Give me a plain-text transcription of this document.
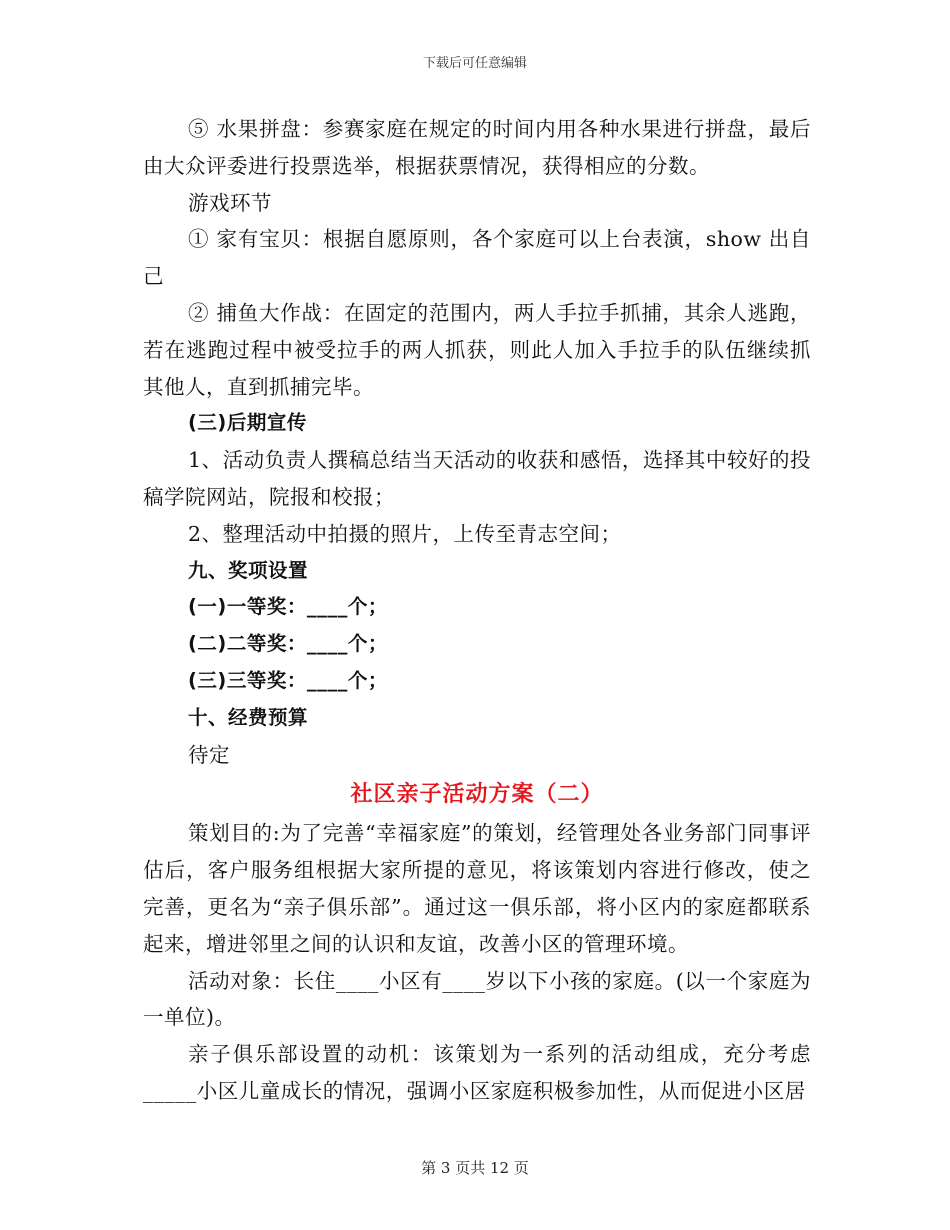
下载后可任意编辑

⑤ 水果拼盘：参赛家庭在规定的时间内用各种水果进行拼盘，最后由大众评委进行投票选举，根据获票情况，获得相应的分数。

游戏环节

① 家有宝贝：根据自愿原则，各个家庭可以上台表演，show 出自己

② 捕鱼大作战：在固定的范围内，两人手拉手抓捕，其余人逃跑，若在逃跑过程中被受拉手的两人抓获，则此人加入手拉手的队伍继续抓其他人，直到抓捕完毕。

(三)后期宣传

1、活动负责人撰稿总结当天活动的收获和感悟，选择其中较好的投稿学院网站，院报和校报；

2、整理活动中拍摄的照片，上传至青志空间；

九、奖项设置

(一)一等奖：____个；

(二)二等奖：____个；

(三)三等奖：____个；

十、经费预算

待定

社区亲子活动方案（二）

策划目的:为了完善“幸福家庭”的策划，经管理处各业务部门同事评估后，客户服务组根据大家所提的意见，将该策划内容进行修改，使之完善，更名为“亲子俱乐部”。通过这一俱乐部，将小区内的家庭都联系起来，增进邻里之间的认识和友谊，改善小区的管理环境。

活动对象：长住____小区有____岁以下小孩的家庭。(以一个家庭为一单位)。

亲子俱乐部设置的动机：该策划为一系列的活动组成，充分考虑_____小区儿童成长的情况，强调小区家庭积极参加性，从而促进小区居

第 3 页共 12 页
